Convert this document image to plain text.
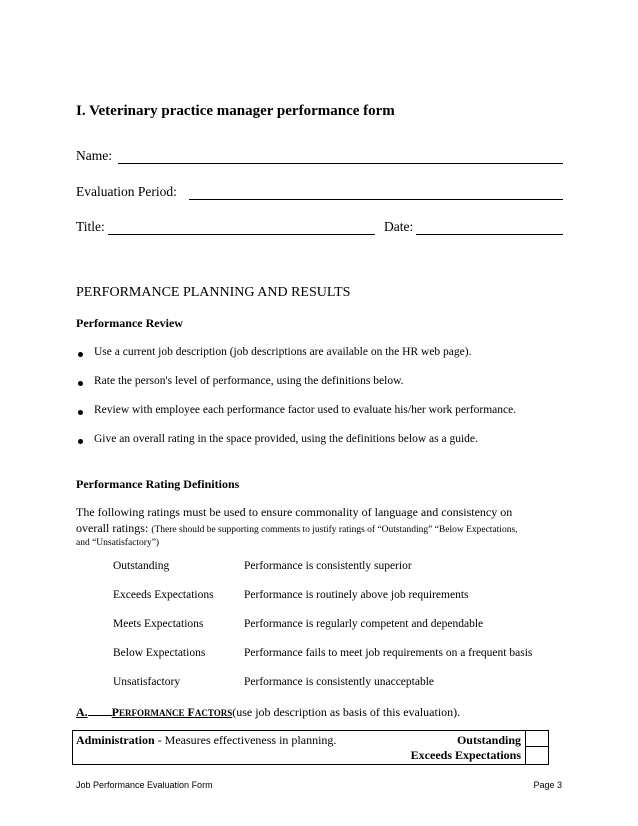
I. Veterinary practice manager performance form
Name:
Evaluation Period:
Title:	Date:
PERFORMANCE PLANNING AND RESULTS
Performance Review
Use a current job description (job descriptions are available on the HR web page).
Rate the person's level of performance, using the definitions below.
Review with employee each performance factor used to evaluate his/her work performance.
Give an overall rating in the space provided, using the definitions below as a guide.
Performance Rating Definitions
The following ratings must be used to ensure commonality of language and consistency on
overall ratings: (There should be supporting comments to justify ratings of “Outstanding” “Below Expectations,
and “Unsatisfactory”)
Outstanding	Performance is consistently superior
Exceeds Expectations	Performance is routinely above job requirements
Meets Expectations	Performance is regularly competent and dependable
Below Expectations	Performance fails to meet job requirements on a frequent basis
Unsatisfactory	Performance is consistently unacceptable
A. PERFORMANCE FACTORS(use job description as basis of this evaluation).
Administration - Measures effectiveness in planning.	Outstanding
Exceeds Expectations

Job Performance Evaluation Form	Page 3
